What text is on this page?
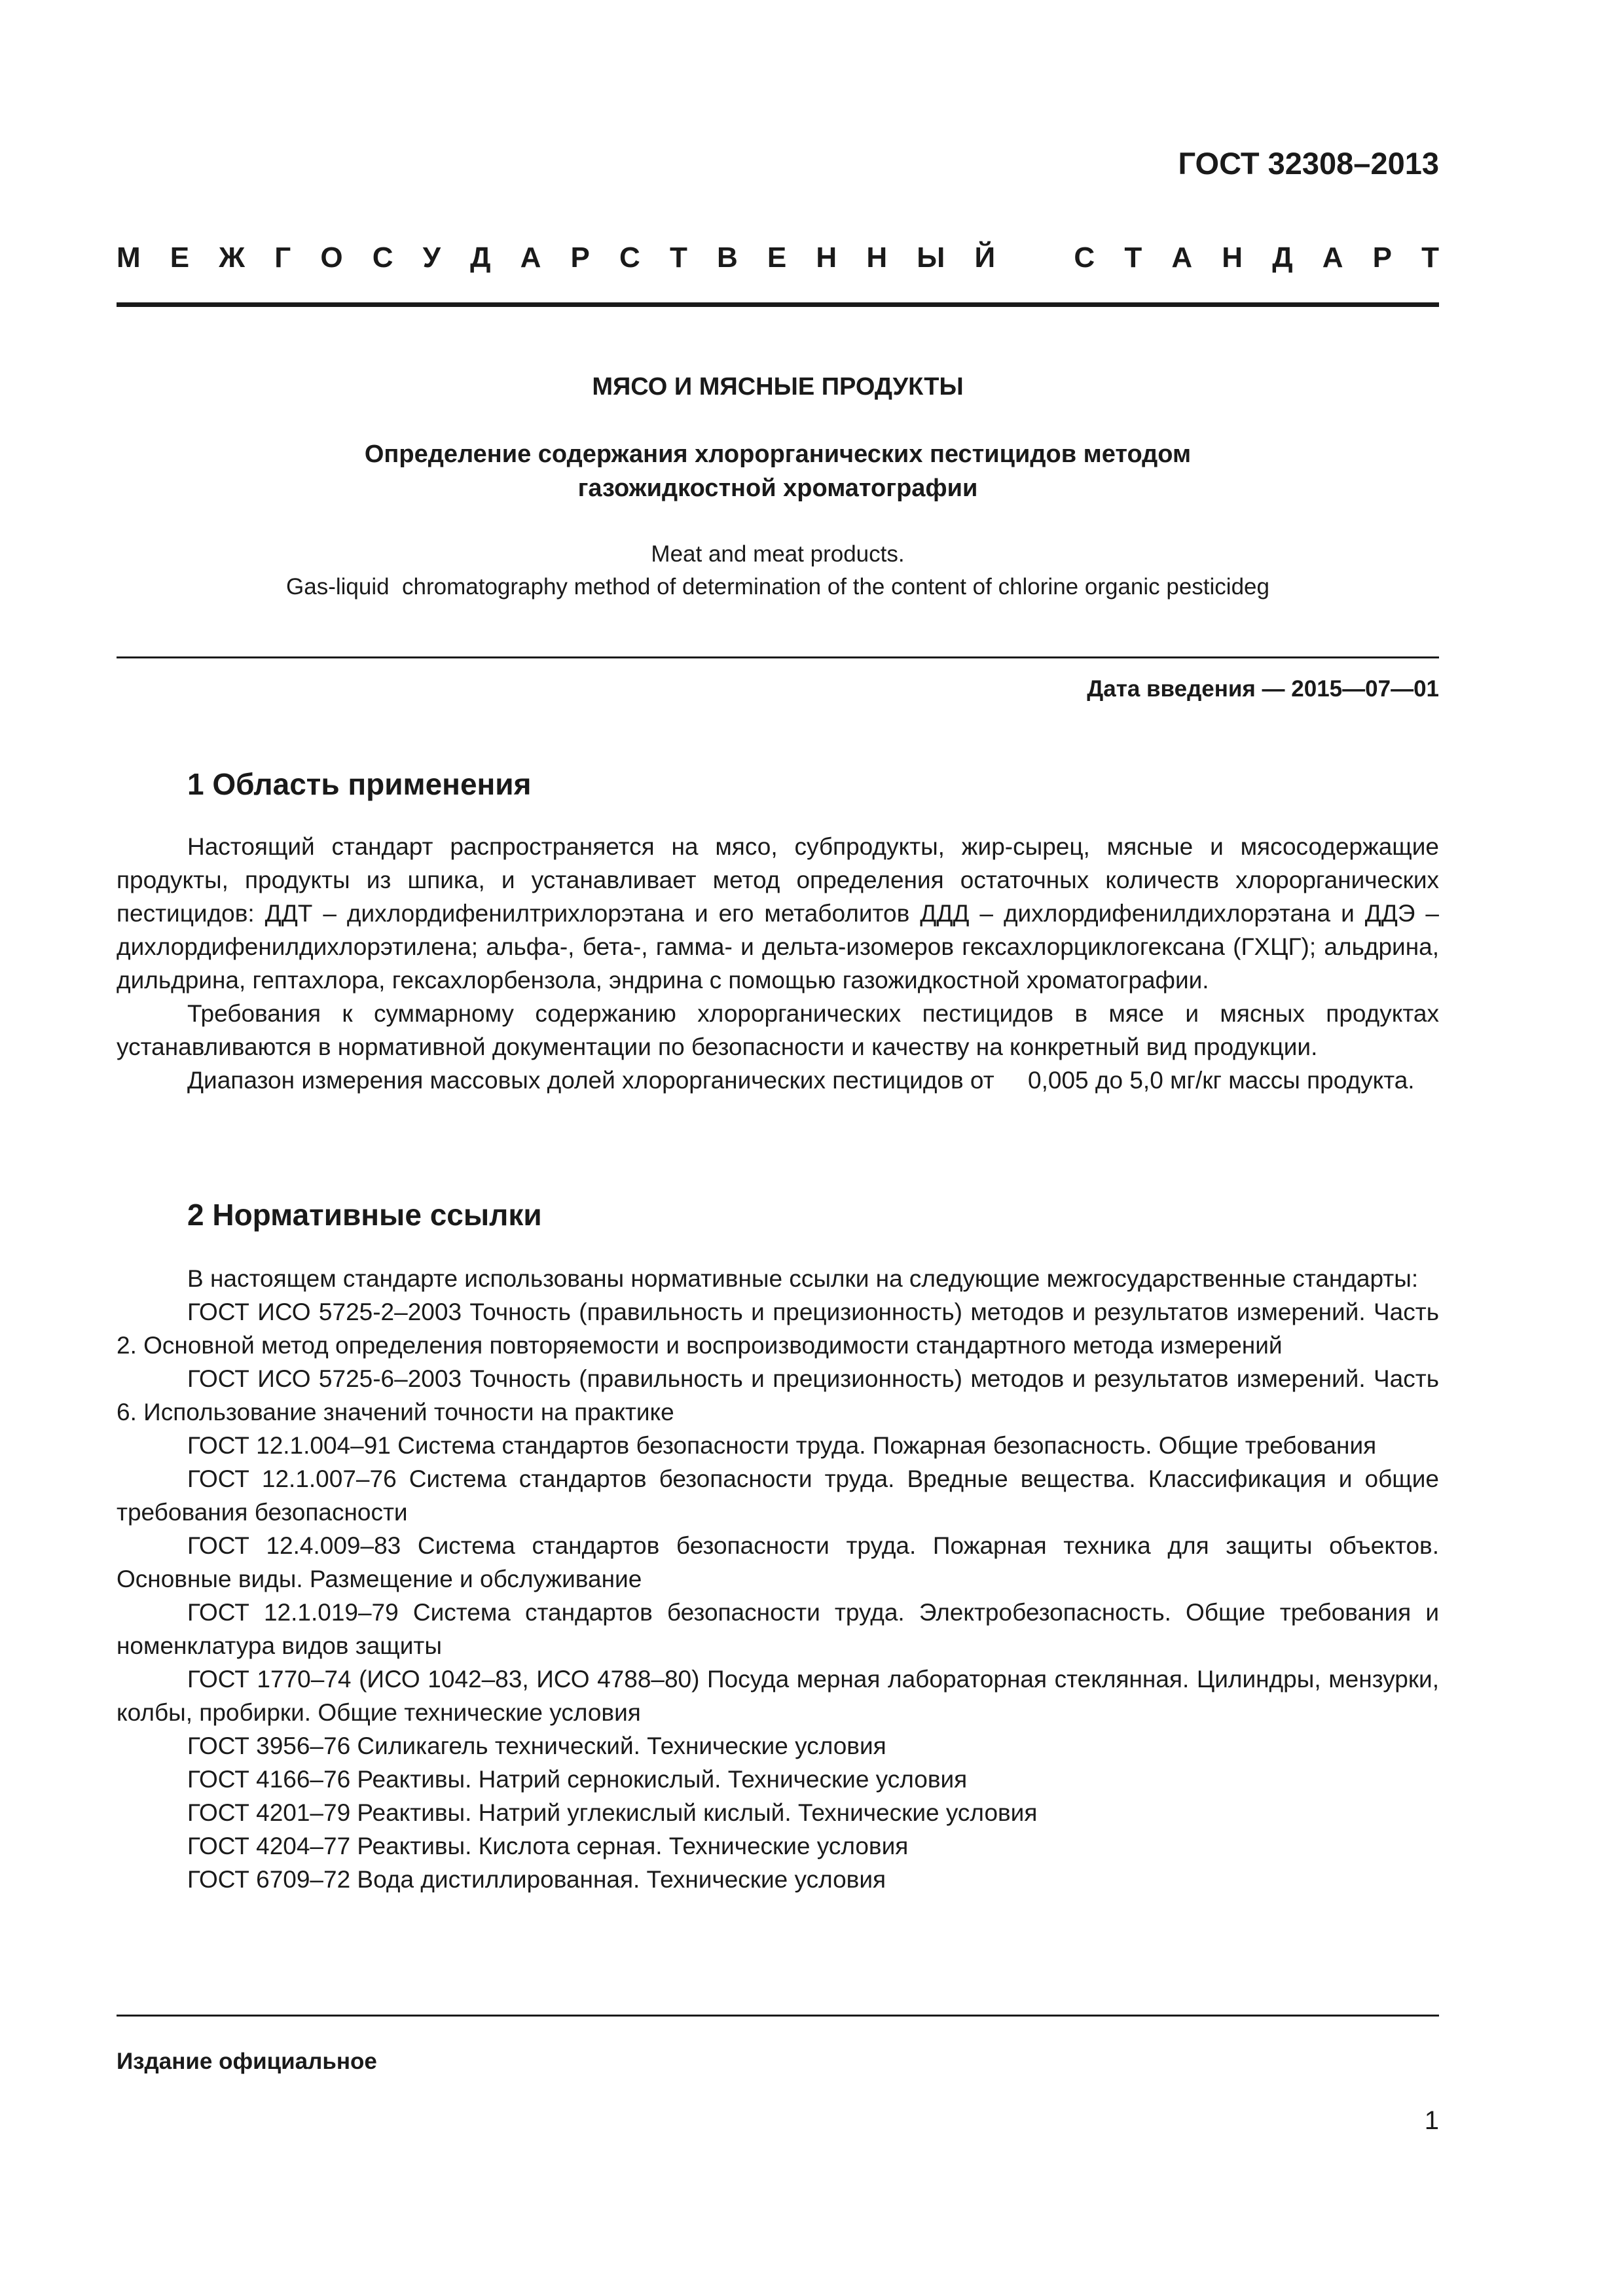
ГОСТ 32308–2013
М Е Ж Г О С У Д А Р С Т В Е Н Н Ы Й	С Т А Н Д А Р Т
МЯСО И МЯСНЫЕ ПРОДУКТЫ
Определение содержания хлорорганических пестицидов методом
газожидкостной хроматографии
Meat and meat products.
Gas-liquid  chromatography method of determination of the content of chlorine organic pesticideg
Дата введения — 2015—07—01
1 Область применения

Настоящий стандарт распространяется на мясо, субпродукты, жир-сырец, мясные и мясосодержащие продукты, продукты из шпика, и устанавливает метод определения остаточных количеств хлорорганических пестицидов: ДДТ – дихлордифенилтрихлорэтана и его метаболитов ДДД – дихлордифенилдихлорэтана и ДДЭ – дихлордифенилдихлорэтилена; альфа-, бета-, гамма- и дельта-изомеров гексахлорциклогексана (ГХЦГ); альдрина, дильдрина, гептахлора, гексахлорбензола, эндрина с помощью газожидкостной хроматографии.

Требования к суммарному содержанию хлорорганических пестицидов в мясе и мясных продуктах устанавливаются в нормативной документации по безопасности и качеству на конкретный вид продукции.

Диапазон измерения массовых долей хлорорганических пестицидов от     0,005 до 5,0 мг/кг массы продукта.

2 Нормативные ссылки

В настоящем стандарте использованы нормативные ссылки на следующие межгосударственные стандарты:

ГОСТ ИСО 5725-2–2003 Точность (правильность и прецизионность) методов и результатов измерений. Часть 2. Основной метод определения повторяемости и воспроизводимости стандартного метода измерений

ГОСТ ИСО 5725-6–2003 Точность (правильность и прецизионность) методов и результатов измерений. Часть 6. Использование значений точности на практике

ГОСТ 12.1.004–91 Система стандартов безопасности труда. Пожарная безопасность. Общие требования

ГОСТ 12.1.007–76 Система стандартов безопасности труда. Вредные вещества. Классификация и общие требования безопасности

ГОСТ 12.4.009–83 Система стандартов безопасности труда. Пожарная техника для защиты объектов. Основные виды. Размещение и обслуживание

ГОСТ 12.1.019–79 Система стандартов безопасности труда. Электробезопасность. Общие требования и номенклатура видов защиты

ГОСТ 1770–74 (ИСО 1042–83, ИСО 4788–80) Посуда мерная лабораторная стеклянная. Цилиндры, мензурки, колбы, пробирки. Общие технические условия

ГОСТ 3956–76 Силикагель технический. Технические условия

ГОСТ 4166–76 Реактивы. Натрий сернокислый. Технические условия

ГОСТ 4201–79 Реактивы. Натрий углекислый кислый. Технические условия

ГОСТ 4204–77 Реактивы. Кислота серная. Технические условия

ГОСТ 6709–72 Вода дистиллированная. Технические условия

Издание официальное
1
